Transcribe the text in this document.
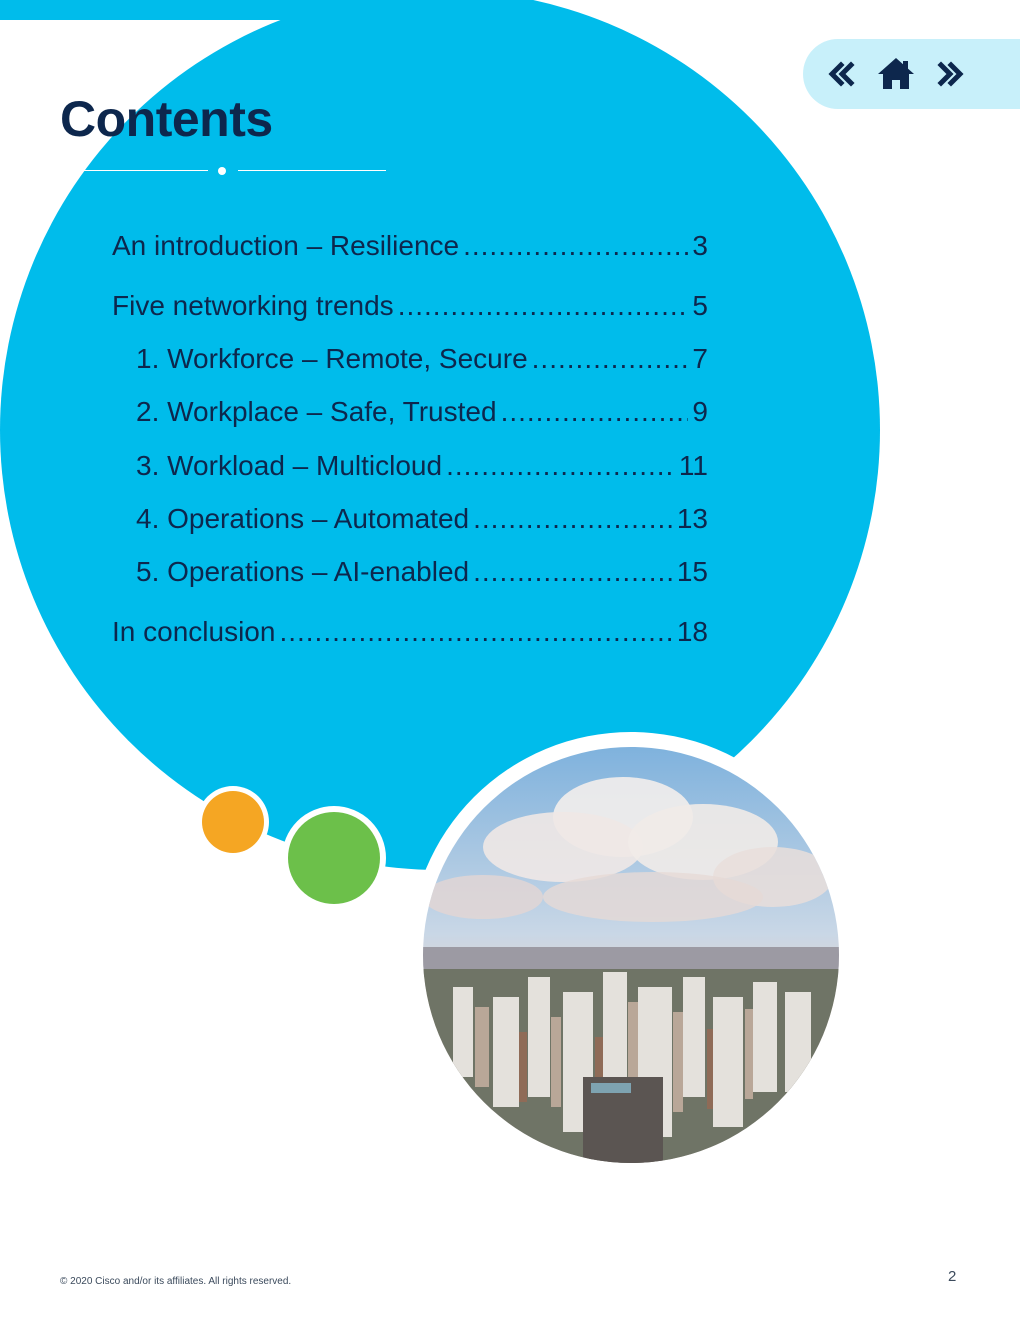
Contents
An introduction – Resilience .....	3
Five networking trends .....	5
1. Workforce – Remote, Secure .....	7
2. Workplace – Safe, Trusted .....	9
3. Workload – Multicloud .....	11
4. Operations – Automated .....	13
5. Operations – AI-enabled .....	15
In conclusion .....	18
© 2020 Cisco and/or its affiliates. All rights reserved.	2
